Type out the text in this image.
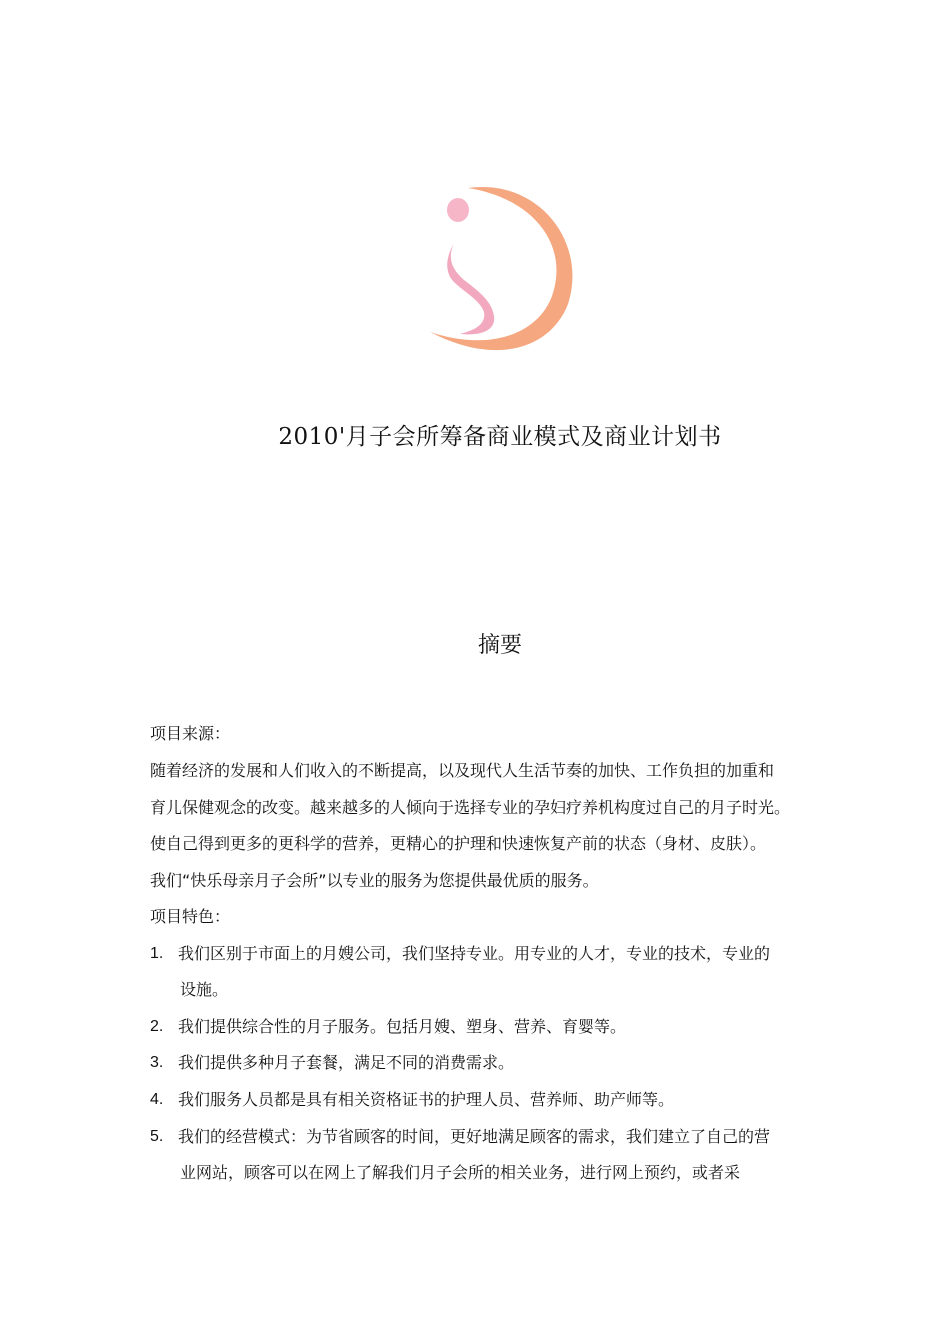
2010'月子会所筹备商业模式及商业计划书
摘要
项目来源：
随着经济的发展和人们收入的不断提高，以及现代人生活节奏的加快、工作负担的加重和
育儿保健观念的改变。越来越多的人倾向于选择专业的孕妇疗养机构度过自己的月子时光。
使自己得到更多的更科学的营养，更精心的护理和快速恢复产前的状态（身材、皮肤）。
我们“快乐母亲月子会所”以专业的服务为您提供最优质的服务。
项目特色：
1. 我们区别于市面上的月嫂公司，我们坚持专业。用专业的人才，专业的技术，专业的
设施。
2. 我们提供综合性的月子服务。包括月嫂、塑身、营养、育婴等。
3. 我们提供多种月子套餐，满足不同的消费需求。
4. 我们服务人员都是具有相关资格证书的护理人员、营养师、助产师等。
5. 我们的经营模式：为节省顾客的时间，更好地满足顾客的需求，我们建立了自己的营
业网站，顾客可以在网上了解我们月子会所的相关业务，进行网上预约，或者采
